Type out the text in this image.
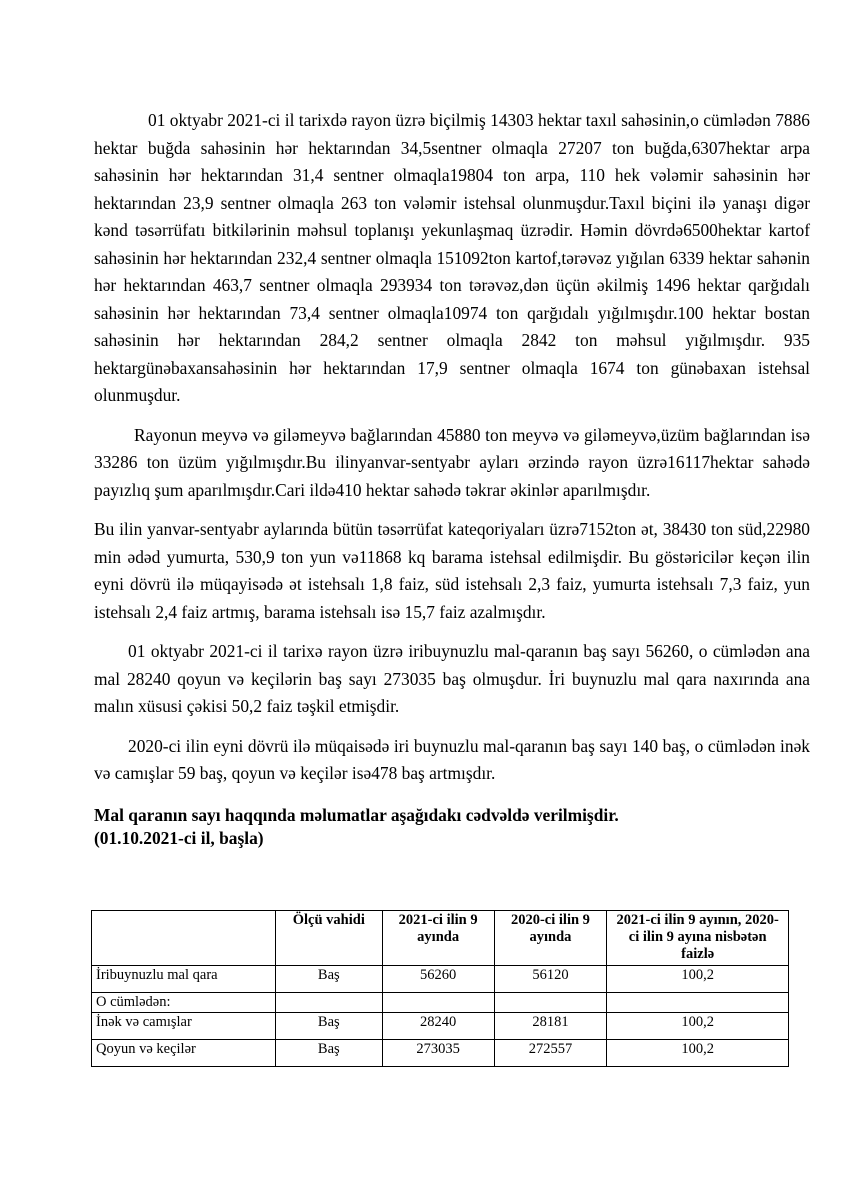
01 oktyabr 2021-ci il tarixdə rayon üzrə biçilmiş 14303 hektar taxıl sahəsinin,o cümlədən 7886 hektar buğda sahəsinin hər hektarından 34,5sentner olmaqla 27207 ton buğda,6307hektar arpa sahəsinin hər hektarından 31,4 sentner olmaqla19804 ton arpa, 110 hek vələmir sahəsinin hər hektarından 23,9 sentner olmaqla 263 ton vələmir istehsal olunmuşdur.Taxıl biçini ilə yanaşı digər kənd təsərrüfatı bitkilərinin məhsul toplanışı yekunlaşmaq üzrədir. Həmin dövrdə6500hektar kartof sahəsinin hər hektarından 232,4 sentner olmaqla 151092ton kartof,tərəvəz yığılan 6339 hektar sahənin hər hektarından 463,7 sentner olmaqla 293934 ton tərəvəz,dən üçün əkilmiş 1496 hektar qarğıdalı sahəsinin hər hektarından 73,4 sentner olmaqla10974 ton qarğıdalı yığılmışdır.100 hektar bostan sahəsinin hər hektarından 284,2 sentner olmaqla 2842 ton məhsul yığılmışdır. 935 hektargünəbaxansahəsinin hər hektarından 17,9 sentner olmaqla 1674 ton günəbaxan istehsal olunmuşdur.

Rayonun meyvə və giləmeyvə bağlarından 45880 ton meyvə və giləmeyvə,üzüm bağlarından isə 33286 ton üzüm yığılmışdır.Bu ilinyanvar-sentyabr ayları ərzində rayon üzrə16117hektar sahədə payızlıq şum aparılmışdır.Cari ildə410 hektar sahədə təkrar əkinlər aparılmışdır.

Bu ilin yanvar-sentyabr aylarında bütün təsərrüfat kateqoriyaları üzrə7152ton ət, 38430 ton süd,22980 min ədəd yumurta, 530,9 ton yun və11868 kq barama istehsal edilmişdir. Bu göstəricilər keçən ilin eyni dövrü ilə müqayisədə ət istehsalı 1,8 faiz, süd istehsalı 2,3 faiz, yumurta istehsalı 7,3 faiz, yun istehsalı 2,4 faiz artmış, barama istehsalı isə 15,7 faiz azalmışdır.

01 oktyabr 2021-ci il tarixə rayon üzrə iribuynuzlu mal-qaranın baş sayı 56260, o cümlədən ana mal 28240 qoyun və keçilərin baş sayı 273035 baş olmuşdur. İri buynuzlu mal qara naxırında ana malın xüsusi çəkisi 50,2 faiz təşkil etmişdir.

2020-ci ilin eyni dövrü ilə müqaisədə iri buynuzlu mal-qaranın baş sayı 140 baş, o cümlədən inək və camışlar 59 baş, qoyun və keçilər isə478 baş artmışdır.

Mal qaranın sayı haqqında məlumatlar aşağıdakı cədvəldə verilmişdir.
(01.10.2021-ci il, başla)
	Ölçü vahidi	2021-ci ilin 9 ayında	2020-ci ilin 9 ayında	2021-ci ilin 9 ayının, 2020-ci ilin 9 ayına nisbətən faizlə
İribuynuzlu mal qara	Baş	56260	56120	100,2
O cümlədən:				
İnək və camışlar	Baş	28240	28181	100,2
Qoyun və keçilər	Baş	273035	272557	100,2
